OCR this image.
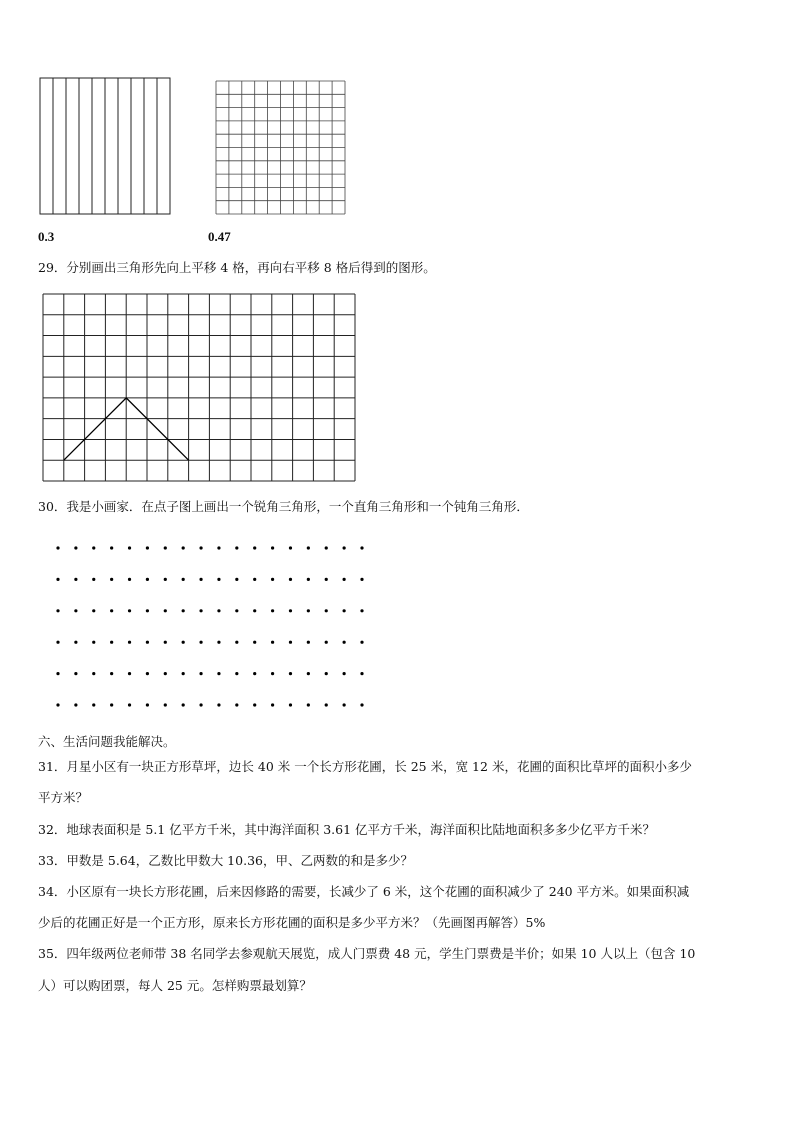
0.3	0.47
29．分别画出三角形先向上平移 4 格，再向右平移 8 格后得到的图形。
30．我是小画家．在点子图上画出一个锐角三角形，一个直角三角形和一个钝角三角形．
六、生活问题我能解决。
31．月星小区有一块正方形草坪，边长 40 米 一个长方形花圃，长 25 米，宽 12 米，花圃的面积比草坪的面积小多少
平方米？
32．地球表面积是 5.1 亿平方千米，其中海洋面积 3.61 亿平方千米，海洋面积比陆地面积多多少亿平方千米？
33．甲数是 5.64，乙数比甲数大 10.36，甲、乙两数的和是多少？
34．小区原有一块长方形花圃，后来因修路的需要，长减少了 6 米，这个花圃的面积减少了 240 平方米。如果面积减
少后的花圃正好是一个正方形，原来长方形花圃的面积是多少平方米？（先画图再解答）5%
35．四年级两位老师带 38 名同学去参观航天展览，成人门票费 48 元，学生门票费是半价；如果 10 人以上（包含 10
人）可以购团票，每人 25 元。怎样购票最划算？
